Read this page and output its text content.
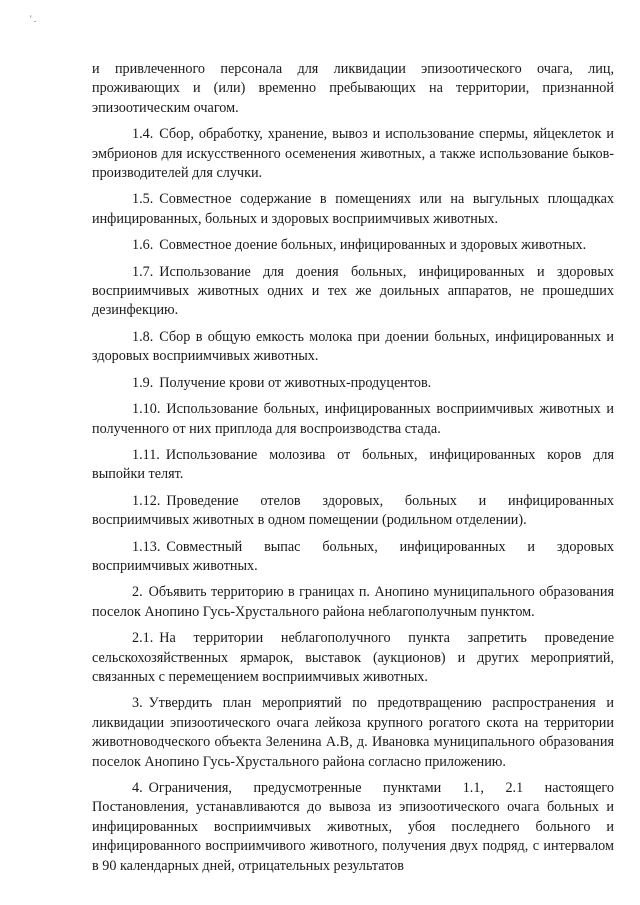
' .

и привлеченного персонала для ликвидации эпизоотического очага, лиц, проживающих и (или) временно пребывающих на территории, признанной эпизоотическим очагом.

1.4. Сбор, обработку, хранение, вывоз и использование спермы, яйцеклеток и эмбрионов для искусственного осеменения животных, а также использование быков-производителей для случки.

1.5. Совместное содержание в помещениях или на выгульных площадках инфицированных, больных и здоровых восприимчивых животных.

1.6. Совместное доение больных, инфицированных и здоровых животных.

1.7. Использование для доения больных, инфицированных и здоровых восприимчивых животных одних и тех же доильных аппаратов, не прошедших дезинфекцию.

1.8. Сбор в общую емкость молока при доении больных, инфицированных и здоровых восприимчивых животных.

1.9. Получение крови от животных-продуцентов.

1.10. Использование больных, инфицированных восприимчивых животных и полученного от них приплода для воспроизводства стада.

1.11. Использование молозива от больных, инфицированных коров для выпойки телят.

1.12. Проведение отелов здоровых, больных и инфицированных восприимчивых животных в одном помещении (родильном отделении).

1.13. Совместный выпас больных, инфицированных и здоровых восприимчивых животных.

2. Объявить территорию в границах п. Анопино муниципального образования поселок Анопино Гусь-Хрустального района неблагополучным пунктом.

2.1. На территории неблагополучного пункта запретить проведение сельскохозяйственных ярмарок, выставок (аукционов) и других мероприятий, связанных с перемещением восприимчивых животных.

3. Утвердить план мероприятий по предотвращению распространения и ликвидации эпизоотического очага лейкоза крупного рогатого скота на территории животноводческого объекта Зеленина А.В, д. Ивановка муниципального образования поселок Анопино Гусь-Хрустального района согласно приложению.

4. Ограничения, предусмотренные пунктами 1.1, 2.1 настоящего Постановления, устанавливаются до вывоза из эпизоотического очага больных и инфицированных восприимчивых животных, убоя последнего больного и инфицированного восприимчивого животного, получения двух подряд, с интервалом в 90 календарных дней, отрицательных результатов
